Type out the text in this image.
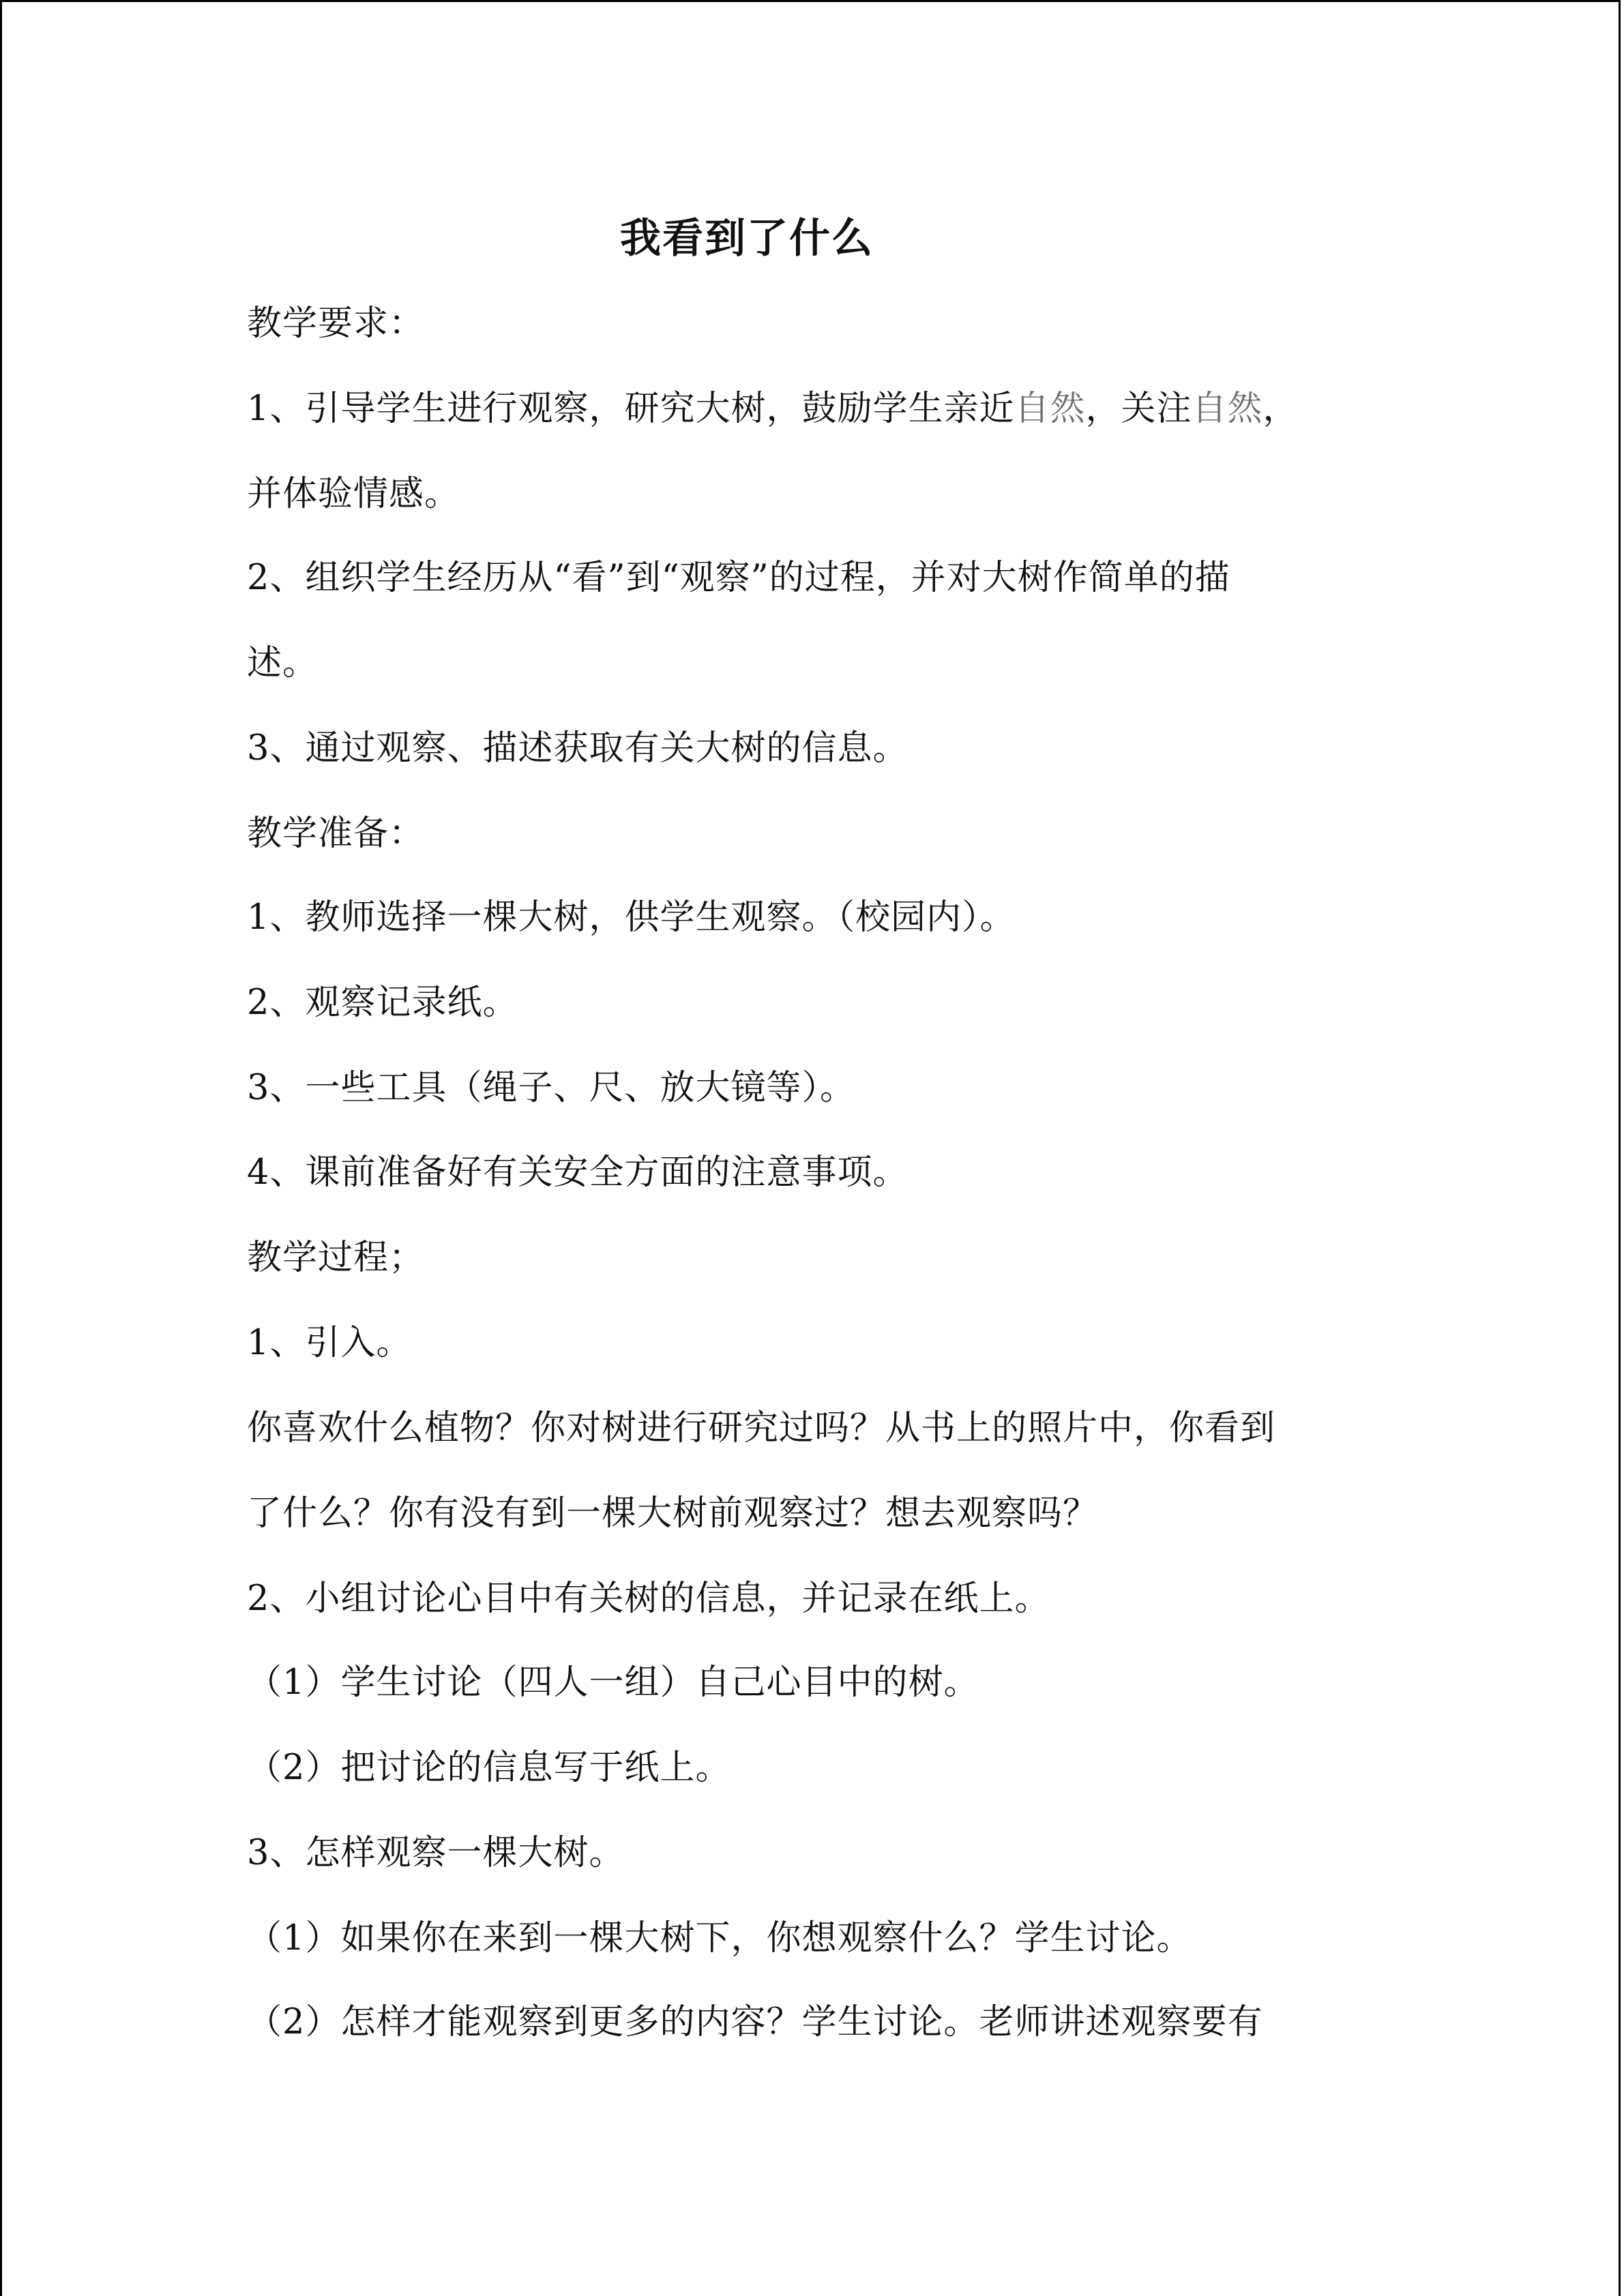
我看到了什么
教学要求：
1、引导学生进行观察，研究大树，鼓励学生亲近自然，关注自然，
并体验情感。
2、组织学生经历从“看”到“观察”的过程，并对大树作简单的描
述。
3、通过观察、描述获取有关大树的信息。
教学准备：
1、教师选择一棵大树，供学生观察。（校园内）。
2、观察记录纸。
3、一些工具（绳子、尺、放大镜等）。
4、课前准备好有关安全方面的注意事项。
教学过程；
1、引入。
你喜欢什么植物？你对树进行研究过吗？从书上的照片中，你看到
了什么？你有没有到一棵大树前观察过？想去观察吗？
2、小组讨论心目中有关树的信息，并记录在纸上。
（1）学生讨论（四人一组）自己心目中的树。
（2）把讨论的信息写于纸上。
3、怎样观察一棵大树。
（1）如果你在来到一棵大树下，你想观察什么？学生讨论。
（2）怎样才能观察到更多的内容？学生讨论。老师讲述观察要有
